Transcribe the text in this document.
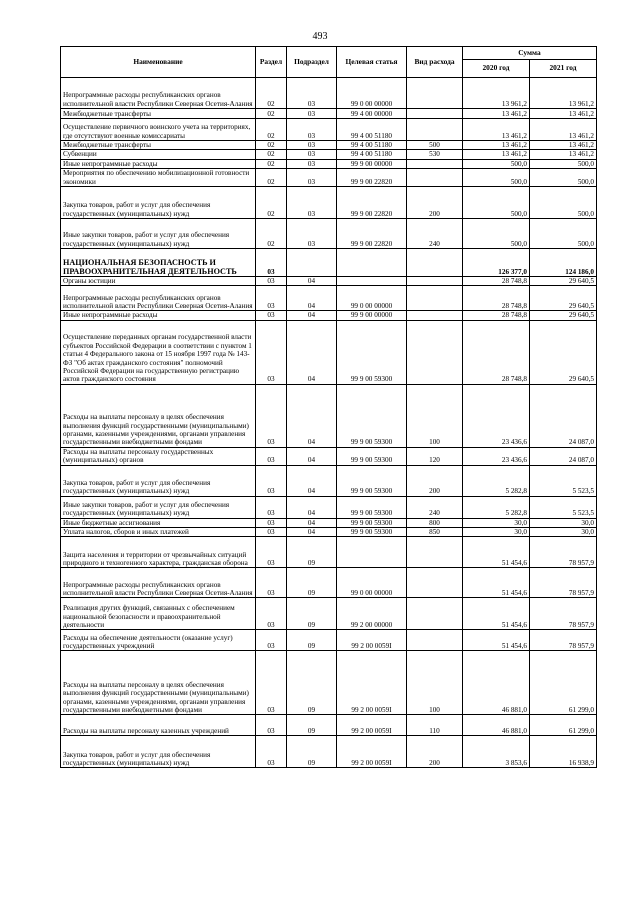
493
Наименование	Раздел	Подраздел	Целевая статья	Вид расхода	Сумма	
					2020 год	2021 год
Непрограммные расходы республиканских органов исполнительной власти Республики Северная Осетия-Алания	02	03	99 0 00 00000		13 961,2	13 961,2
Межбюджетные трансферты	02	03	99 4 00 00000		13 461,2	13 461,2
Осуществление первичного воинского учета на территориях, где отсутствуют военные комиссариаты	02	03	99 4 00 51180		13 461,2	13 461,2
Межбюджетные трансферты	02	03	99 4 00 51180	500	13 461,2	13 461,2
Субвенции	02	03	99 4 00 51180	530	13 461,2	13 461,2
Иные непрограммные расходы	02	03	99 9 00 00000		500,0	500,0
Мероприятия по обеспечению мобилизационной готовности экономики	02	03	99 9 00 22820		500,0	500,0
Закупка товаров, работ и услуг для обеспечения государственных (муниципальных) нужд	02	03	99 9 00 22820	200	500,0	500,0
Иные закупки товаров, работ и услуг для обеспечения государственных (муниципальных) нужд	02	03	99 9 00 22820	240	500,0	500,0
НАЦИОНАЛЬНАЯ БЕЗОПАСНОСТЬ И ПРАВООХРАНИТЕЛЬНАЯ ДЕЯТЕЛЬНОСТЬ	03				126 377,0	124 186,0
Органы юстиции	03	04			28 748,8	29 640,5
Непрограммные расходы республиканских органов исполнительной власти Республики Северная Осетия-Алания	03	04	99 0 00 00000		28 748,8	29 640,5
Иные непрограммные расходы	03	04	99 9 00 00000		28 748,8	29 640,5
Осуществление переданных органам государственной власти субъектов Российской Федерации в соответствии с пунктом 1 статьи 4 Федерального закона от 15 ноября 1997 года № 143-ФЗ "Об актах гражданского состояния" полномочий Российской Федерации на государственную регистрацию актов гражданского состояния	03	04	99 9 00 59300		28 748,8	29 640,5
Расходы на выплаты персоналу в целях обеспечения выполнения функций государственными (муниципальными) органами, казенными учреждениями, органами управления государственными внебюджетными фондами	03	04	99 9 00 59300	100	23 436,6	24 087,0
Расходы на выплаты персоналу государственных (муниципальных) органов	03	04	99 9 00 59300	120	23 436,6	24 087,0
Закупка товаров, работ и услуг для обеспечения государственных (муниципальных) нужд	03	04	99 9 00 59300	200	5 282,8	5 523,5
Иные закупки товаров, работ и услуг для обеспечения государственных (муниципальных) нужд	03	04	99 9 00 59300	240	5 282,8	5 523,5
Иные бюджетные ассигнования	03	04	99 9 00 59300	800	30,0	30,0
Уплата налогов, сборов и иных платежей	03	04	99 9 00 59300	850	30,0	30,0
Защита населения и территории от чрезвычайных ситуаций природного и техногенного характера, гражданская оборона	03	09			51 454,6	78 957,9
Непрограммные расходы республиканских органов исполнительной власти Республики Северная Осетия-Алания	03	09	99 0 00 00000		51 454,6	78 957,9
Реализация других функций, связанных с обеспечением национальной безопасности и правоохранительной деятельности	03	09	99 2 00 00000		51 454,6	78 957,9
Расходы на обеспечение деятельности (оказание услуг) государственных учреждений	03	09	99 2 00 0059I		51 454,6	78 957,9
Расходы на выплаты персоналу в целях обеспечения выполнения функций государственными (муниципальными) органами, казенными учреждениями, органами управления государственными внебюджетными фондами	03	09	99 2 00 0059I	100	46 881,0	61 299,0
Расходы на выплаты персоналу казенных учреждений	03	09	99 2 00 0059I	110	46 881,0	61 299,0
Закупка товаров, работ и услуг для обеспечения государственных (муниципальных) нужд	03	09	99 2 00 0059I	200	3 853,6	16 938,9
